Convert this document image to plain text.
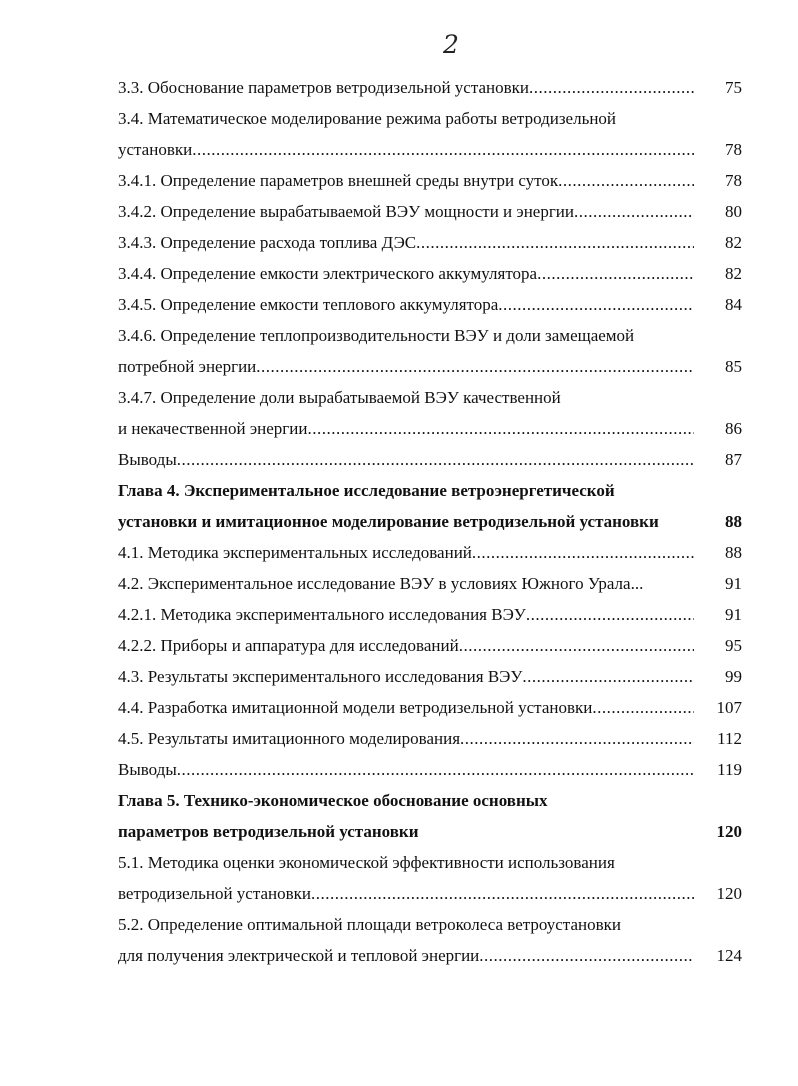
2
3.3. Обоснование параметров ветродизельной установки .....	75
3.4. Математическое моделирование режима работы ветродизельной
установки .....	78
3.4.1. Определение параметров внешней среды внутри суток .....	78
3.4.2. Определение вырабатываемой ВЭУ мощности и энергии .....	80
3.4.3. Определение расхода топлива ДЭС .....	82
3.4.4. Определение емкости электрического аккумулятора .....	82
3.4.5. Определение емкости теплового аккумулятора .....	84
3.4.6. Определение теплопроизводительности ВЭУ и доли замещаемой
потребной энергии .....	85
3.4.7. Определение доли вырабатываемой ВЭУ качественной
и некачественной энергии .....	86
Выводы .....	87
Глава 4. Экспериментальное исследование ветроэнергетической
установки и имитационное моделирование ветродизельной установки	88
4.1. Методика экспериментальных исследований .....	88
4.2. Экспериментальное исследование ВЭУ в условиях Южного Урала...	91
4.2.1. Методика экспериментального исследования ВЭУ .....	91
4.2.2. Приборы и аппаратура для исследований .....	95
4.3. Результаты экспериментального исследования ВЭУ .....	99
4.4. Разработка имитационной модели ветродизельной установки .....	107
4.5. Результаты имитационного моделирования .....	112
Выводы .....	119
Глава 5. Технико-экономическое обоснование основных
параметров ветродизельной установки	120
5.1. Методика оценки экономической эффективности использования
ветродизельной установки .....	120
5.2. Определение оптимальной площади ветроколеса ветроустановки
для получения электрической и тепловой энергии .....	124
